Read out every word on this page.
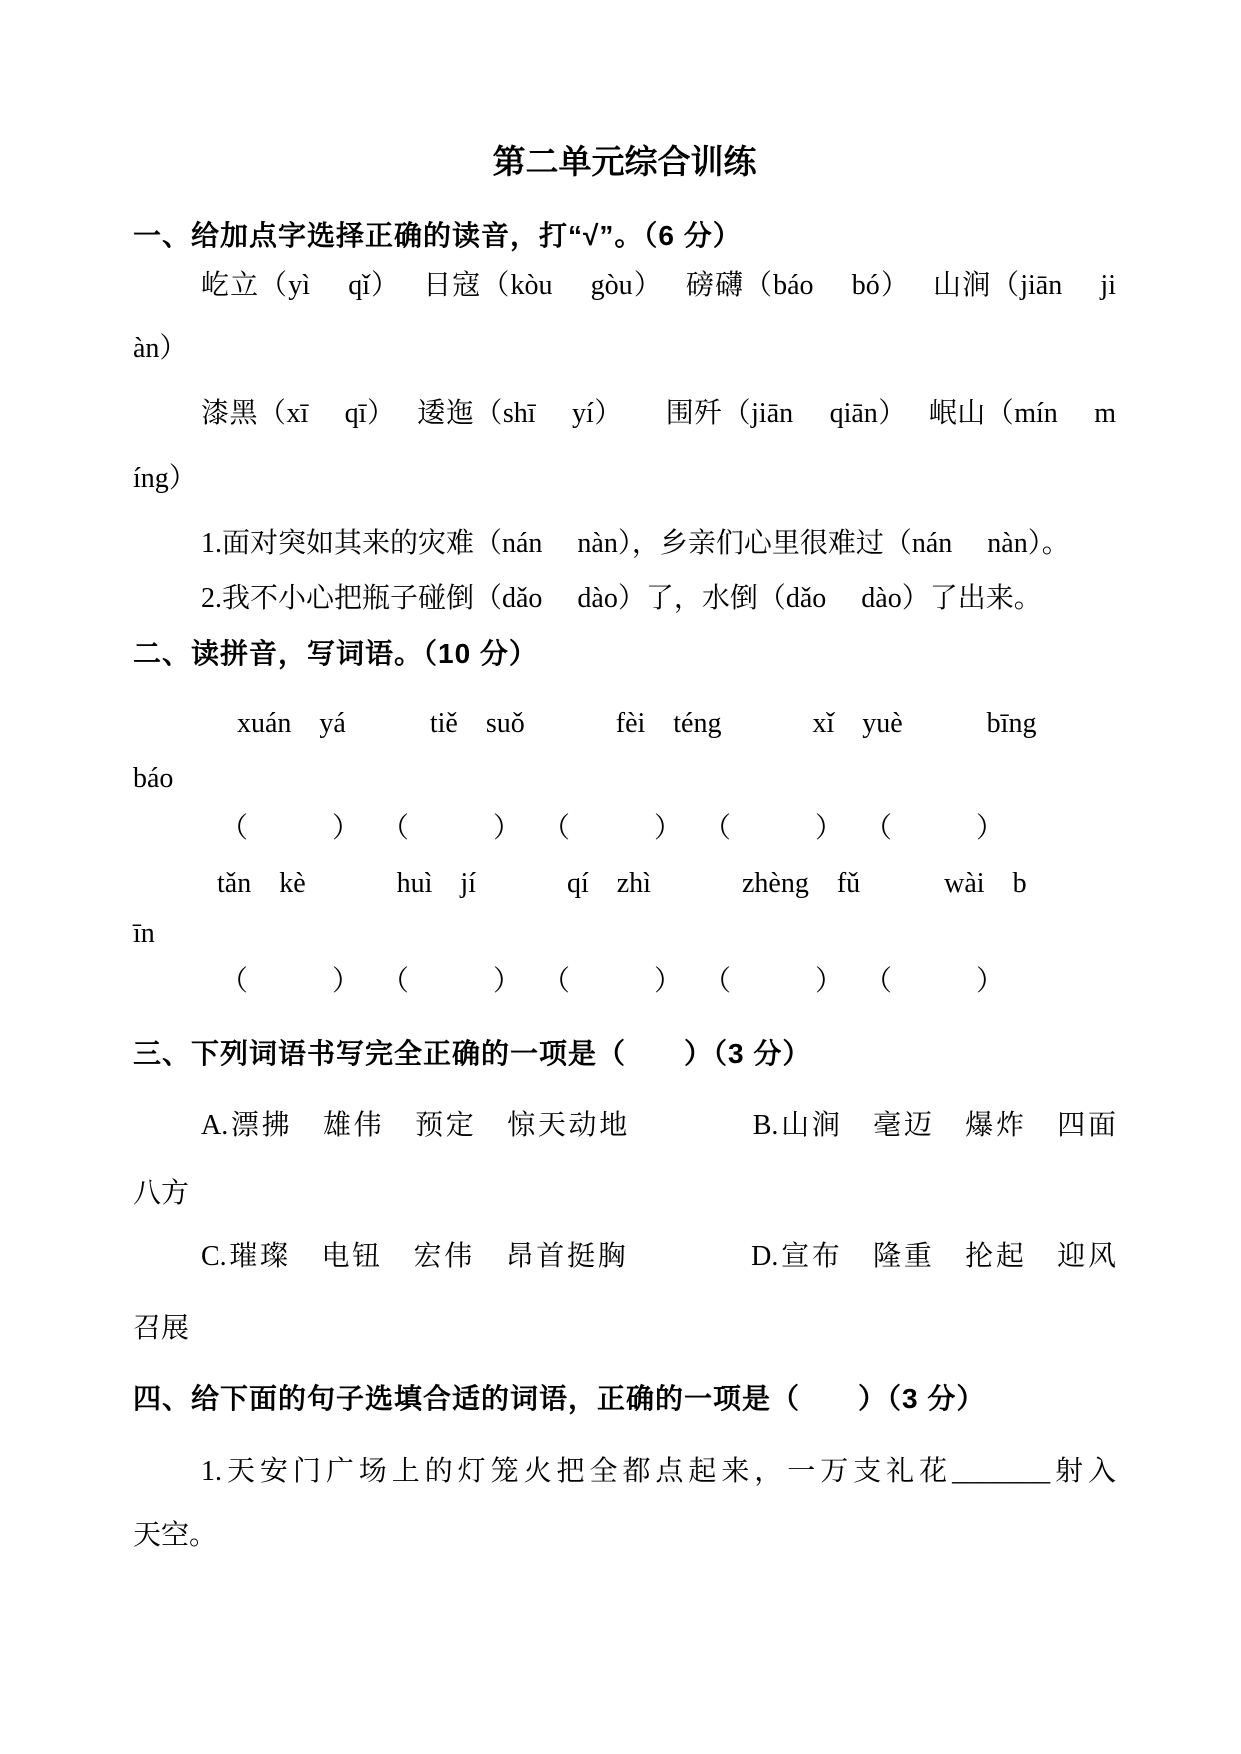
第二单元综合训练
一、给加点字选择正确的读音，打“√”。（6 分）
屹立（yì　 qǐ）　 日寇（kòu　 gòu）　 磅礴（báo　 bó）　 山涧（jiān　 ji
àn）
漆黑（xī　 qī）　 逶迤（shī　 yí）　　围歼（jiān　 qiān）　 岷山（mín　 m
íng）
1.面对突如其来的灾难（nán　 nàn），乡亲们心里很难过（nán　 nàn）。
2.我不小心把瓶子碰倒（dǎo　 dào）了，水倒（dǎo　 dào）了出来。
二、读拼音，写词语。（10 分）
xuán　yá　　　tiě　suǒ　　　 fèi　téng　　　 xǐ　yuè　　　bīng
báo
（　　　）　 （　　　）　 （　　　）　 （　　　）　 （　　　）
tǎn　kè　　　 huì　jí　　　 qí　zhì　　　 zhèng　fǔ　　　wài　b
īn
（　　　）　 （　　　）　 （　　　）　 （　　　）　 （　　　）
三、下列词语书写完全正确的一项是（　　）（3 分）
A.漂拂　雄伟　预定　惊天动地　　　　B.山涧　毫迈　爆炸　四面
八方
C.璀璨　电钮　宏伟　昂首挺胸　　　　D.宣布　隆重　抡起　迎风
召展
四、给下面的句子选填合适的词语，正确的一项是（　　）（3 分）
1.天安门广场上的灯笼火把全都点起来，一万支礼花_______射入
天空。
